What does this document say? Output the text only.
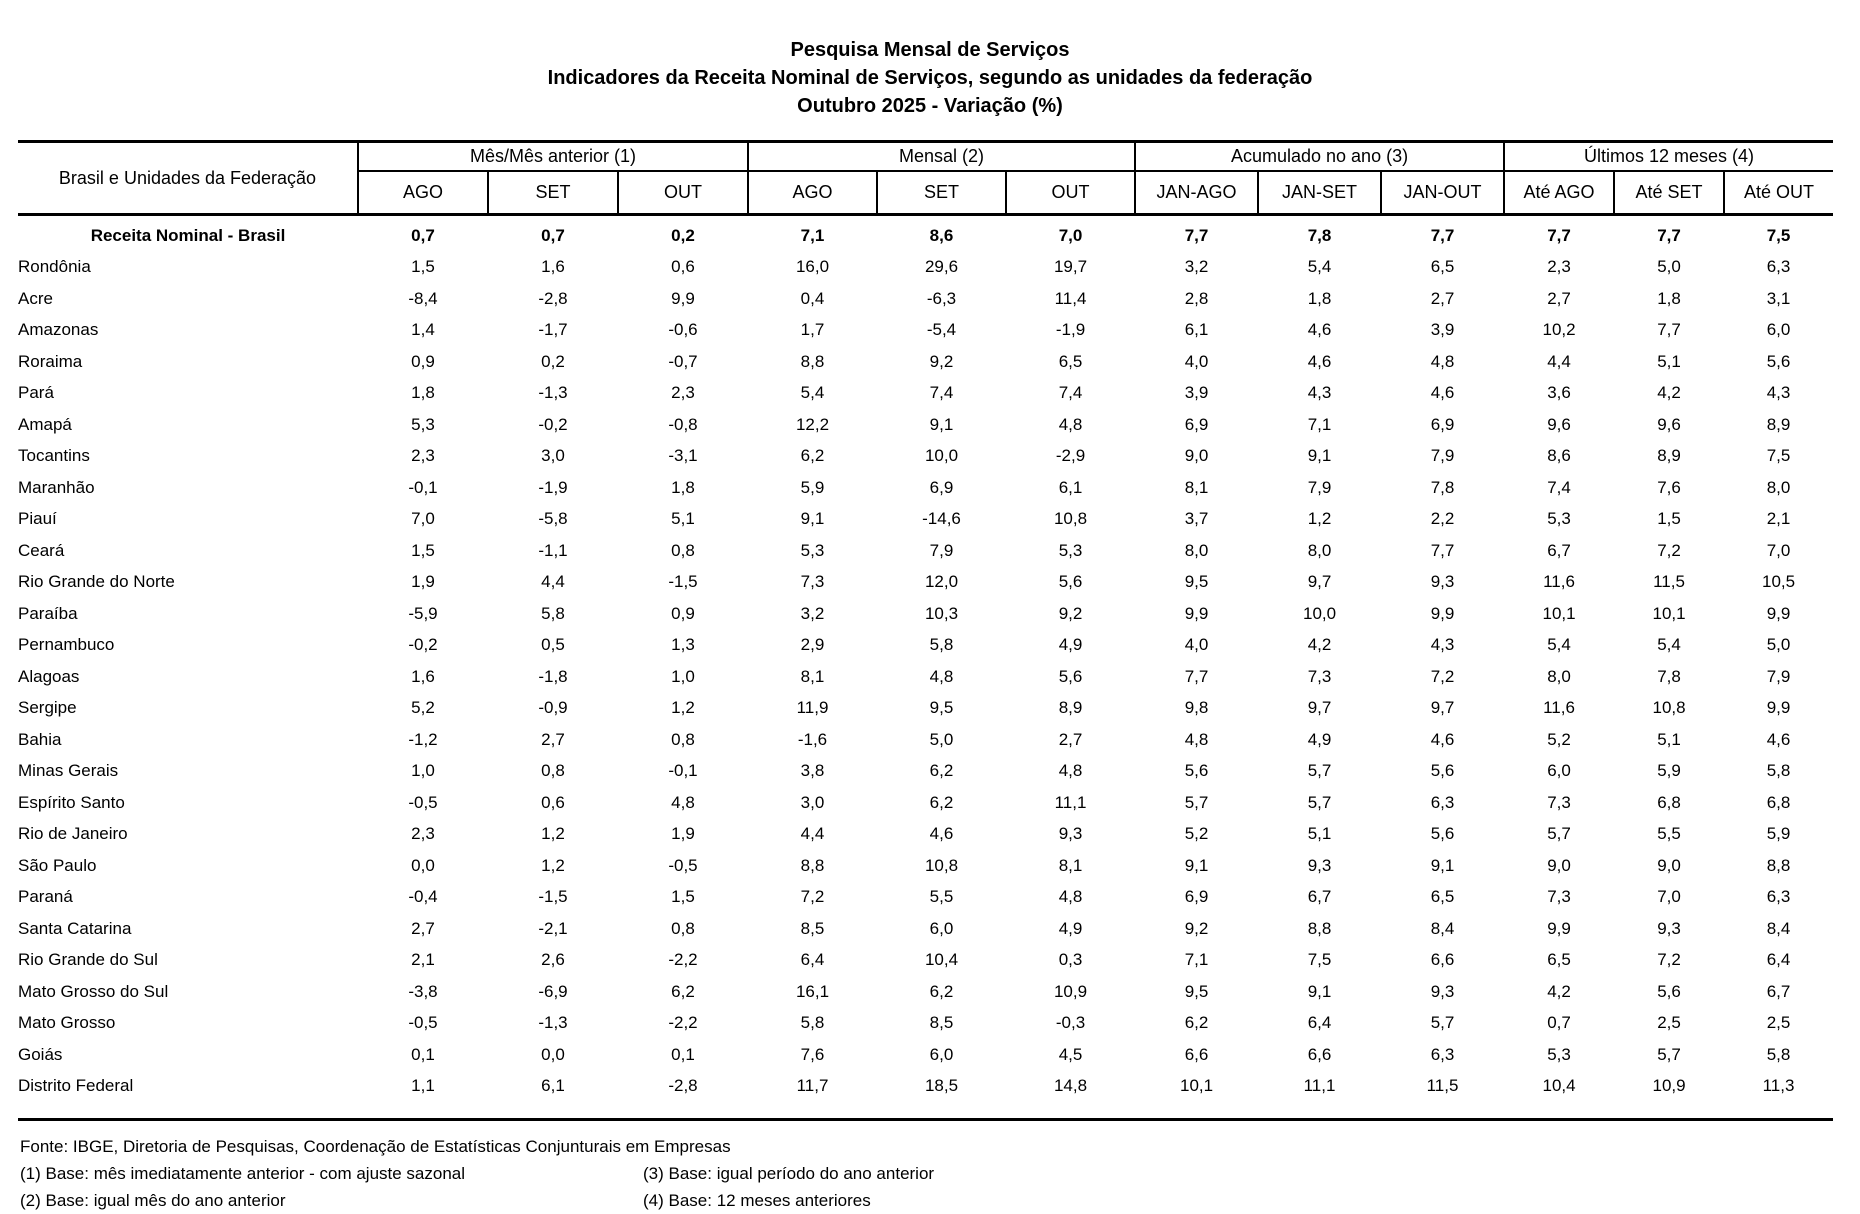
Pesquisa Mensal de Serviços
Indicadores da Receita Nominal de Serviços, segundo as unidades da federação
Outubro 2025 - Variação (%)
Brasil e Unidades da Federação	Mês/Mês anterior (1)			Mensal (2)			Acumulado no ano (3)			Últimos 12 meses (4)		
	AGO	SET	OUT	AGO	SET	OUT	JAN-AGO	JAN-SET	JAN-OUT	Até AGO	Até SET	Até OUT
Receita Nominal - Brasil	0,7	0,7	0,2	7,1	8,6	7,0	7,7	7,8	7,7	7,7	7,7	7,5
Rondônia	1,5	1,6	0,6	16,0	29,6	19,7	3,2	5,4	6,5	2,3	5,0	6,3
Acre	-8,4	-2,8	9,9	0,4	-6,3	11,4	2,8	1,8	2,7	2,7	1,8	3,1
Amazonas	1,4	-1,7	-0,6	1,7	-5,4	-1,9	6,1	4,6	3,9	10,2	7,7	6,0
Roraima	0,9	0,2	-0,7	8,8	9,2	6,5	4,0	4,6	4,8	4,4	5,1	5,6
Pará	1,8	-1,3	2,3	5,4	7,4	7,4	3,9	4,3	4,6	3,6	4,2	4,3
Amapá	5,3	-0,2	-0,8	12,2	9,1	4,8	6,9	7,1	6,9	9,6	9,6	8,9
Tocantins	2,3	3,0	-3,1	6,2	10,0	-2,9	9,0	9,1	7,9	8,6	8,9	7,5
Maranhão	-0,1	-1,9	1,8	5,9	6,9	6,1	8,1	7,9	7,8	7,4	7,6	8,0
Piauí	7,0	-5,8	5,1	9,1	-14,6	10,8	3,7	1,2	2,2	5,3	1,5	2,1
Ceará	1,5	-1,1	0,8	5,3	7,9	5,3	8,0	8,0	7,7	6,7	7,2	7,0
Rio Grande do Norte	1,9	4,4	-1,5	7,3	12,0	5,6	9,5	9,7	9,3	11,6	11,5	10,5
Paraíba	-5,9	5,8	0,9	3,2	10,3	9,2	9,9	10,0	9,9	10,1	10,1	9,9
Pernambuco	-0,2	0,5	1,3	2,9	5,8	4,9	4,0	4,2	4,3	5,4	5,4	5,0
Alagoas	1,6	-1,8	1,0	8,1	4,8	5,6	7,7	7,3	7,2	8,0	7,8	7,9
Sergipe	5,2	-0,9	1,2	11,9	9,5	8,9	9,8	9,7	9,7	11,6	10,8	9,9
Bahia	-1,2	2,7	0,8	-1,6	5,0	2,7	4,8	4,9	4,6	5,2	5,1	4,6
Minas Gerais	1,0	0,8	-0,1	3,8	6,2	4,8	5,6	5,7	5,6	6,0	5,9	5,8
Espírito Santo	-0,5	0,6	4,8	3,0	6,2	11,1	5,7	5,7	6,3	7,3	6,8	6,8
Rio de Janeiro	2,3	1,2	1,9	4,4	4,6	9,3	5,2	5,1	5,6	5,7	5,5	5,9
São Paulo	0,0	1,2	-0,5	8,8	10,8	8,1	9,1	9,3	9,1	9,0	9,0	8,8
Paraná	-0,4	-1,5	1,5	7,2	5,5	4,8	6,9	6,7	6,5	7,3	7,0	6,3
Santa Catarina	2,7	-2,1	0,8	8,5	6,0	4,9	9,2	8,8	8,4	9,9	9,3	8,4
Rio Grande do Sul	2,1	2,6	-2,2	6,4	10,4	0,3	7,1	7,5	6,6	6,5	7,2	6,4
Mato Grosso do Sul	-3,8	-6,9	6,2	16,1	6,2	10,9	9,5	9,1	9,3	4,2	5,6	6,7
Mato Grosso	-0,5	-1,3	-2,2	5,8	8,5	-0,3	6,2	6,4	5,7	0,7	2,5	2,5
Goiás	0,1	0,0	0,1	7,6	6,0	4,5	6,6	6,6	6,3	5,3	5,7	5,8
Distrito Federal	1,1	6,1	-2,8	11,7	18,5	14,8	10,1	11,1	11,5	10,4	10,9	11,3
Fonte: IBGE, Diretoria de Pesquisas, Coordenação de Estatísticas Conjunturais em Empresas
(1) Base: mês imediatamente anterior - com ajuste sazonal	(3) Base: igual período do ano anterior
(2) Base: igual mês do ano anterior	(4) Base: 12 meses anteriores
